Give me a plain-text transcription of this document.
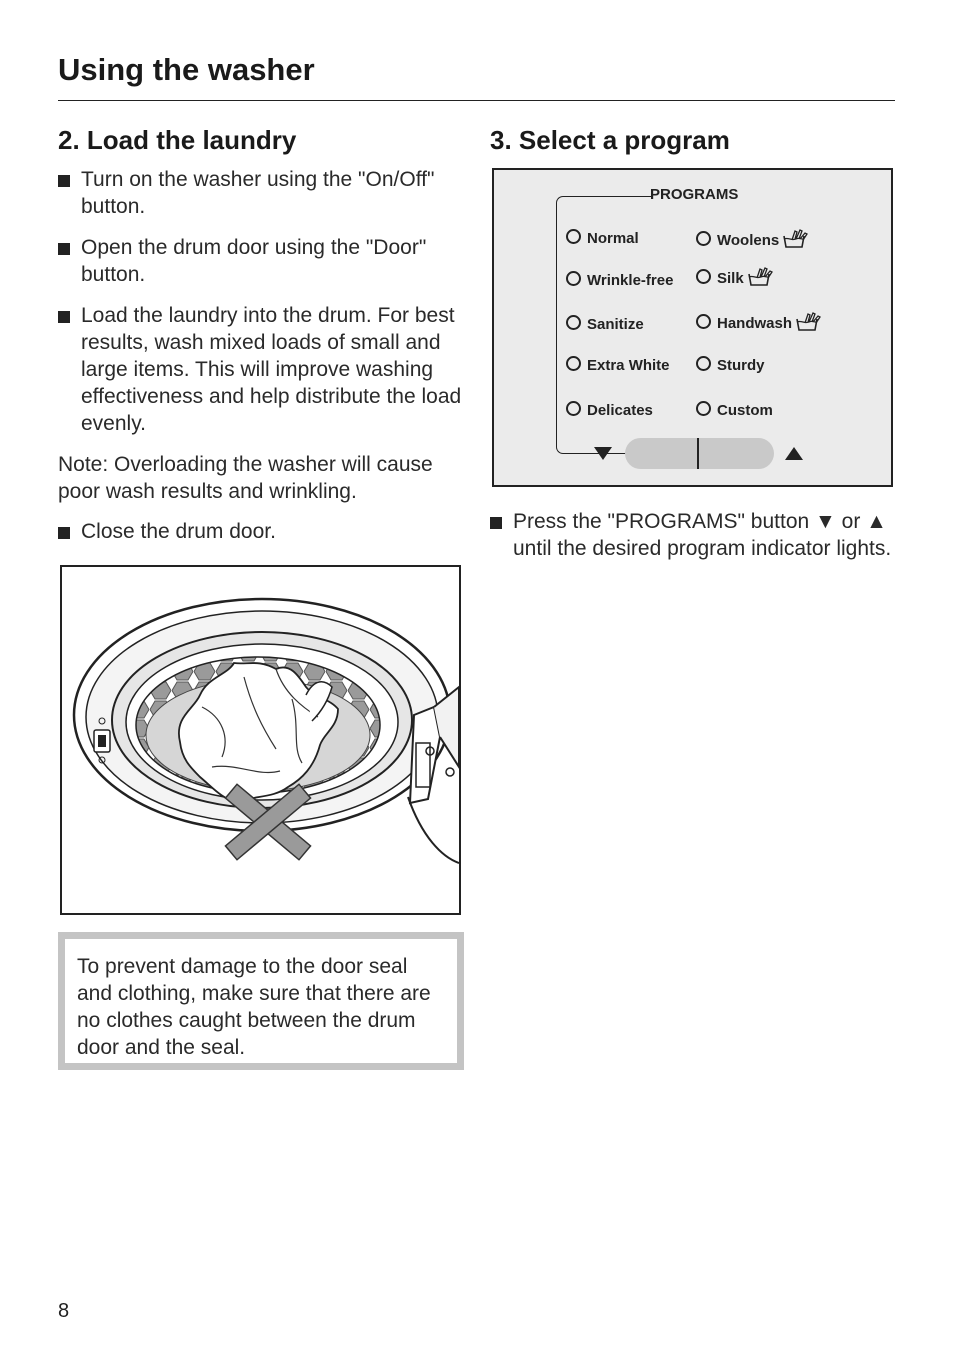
Using the washer
2. Load the laundry
Turn on the washer using the "On/Off" button.
Open the drum door using the "Door" button.
Load the laundry into the drum. For best results, wash mixed loads of small and large items. This will improve washing effectiveness and help distribute the load evenly.

Note: Overloading the washer will cause poor wash results and wrinkling.

Close the drum door.
To prevent damage to the door seal and clothing, make sure that there are no clothes caught between the drum door and the seal.
3. Select a program
PROGRAMS
Normal
Wrinkle-free
Sanitize
Extra White
Delicates
Woolens
Silk
Handwash
Sturdy
Custom
Press the "PROGRAMS" button ▼ or ▲ until the desired program indicator lights.
8
